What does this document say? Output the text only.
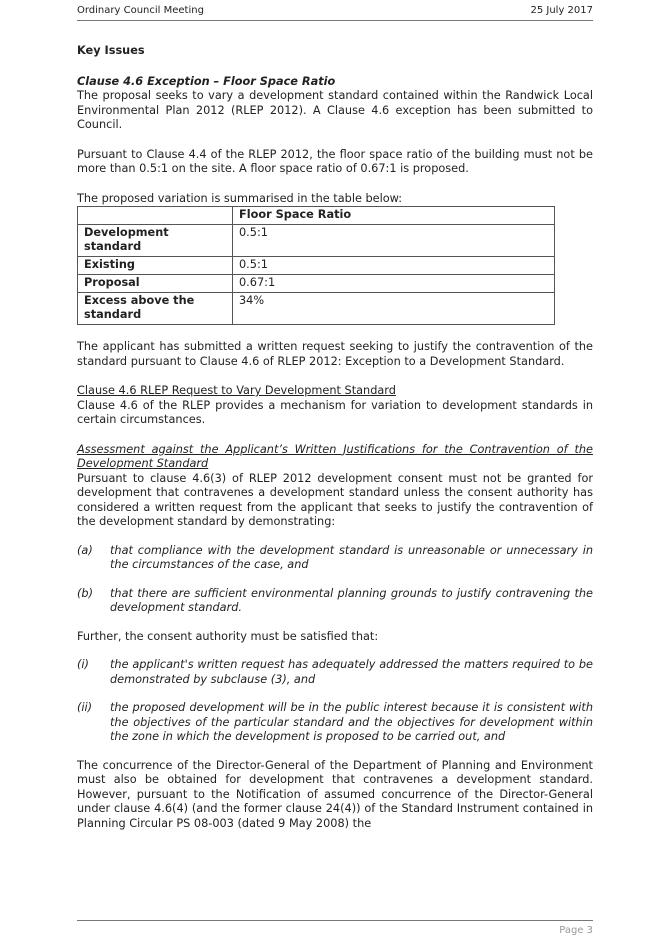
Ordinary Council Meeting	25 July 2017

Key Issues

Clause 4.6 Exception – Floor Space Ratio

The proposal seeks to vary a development standard contained within the Randwick Local Environmental Plan 2012 (RLEP 2012). A Clause 4.6 exception has been submitted to Council.

Pursuant to Clause 4.4 of the RLEP 2012, the floor space ratio of the building must not be more than 0.5:1 on the site. A floor space ratio of 0.67:1 is proposed.

The proposed variation is summarised in the table below:

	Floor Space Ratio
Development standard	0.5:1
Existing	0.5:1
Proposal	0.67:1
Excess above the standard	34%

The applicant has submitted a written request seeking to justify the contravention of the standard pursuant to Clause 4.6 of RLEP 2012: Exception to a Development Standard.

Clause 4.6 RLEP Request to Vary Development Standard

Clause 4.6 of the RLEP provides a mechanism for variation to development standards in certain circumstances.

Assessment against the Applicant’s Written Justifications for the Contravention of the Development Standard

Pursuant to clause 4.6(3) of RLEP 2012 development consent must not be granted for development that contravenes a development standard unless the consent authority has considered a written request from the applicant that seeks to justify the contravention of the development standard by demonstrating:

(a)	that compliance with the development standard is unreasonable or unnecessary in the circumstances of the case, and
(b)	that there are sufficient environmental planning grounds to justify contravening the development standard.

Further, the consent authority must be satisfied that:

(i)	the applicant's written request has adequately addressed the matters required to be demonstrated by subclause (3), and
(ii)	the proposed development will be in the public interest because it is consistent with the objectives of the particular standard and the objectives for development within the zone in which the development is proposed to be carried out, and

The concurrence of the Director-General of the Department of Planning and Environment must also be obtained for development that contravenes a development standard. However, pursuant to the Notification of assumed concurrence of the Director-General under clause 4.6(4) (and the former clause 24(4)) of the Standard Instrument contained in Planning Circular PS 08-003 (dated 9 May 2008) the

Page 3
